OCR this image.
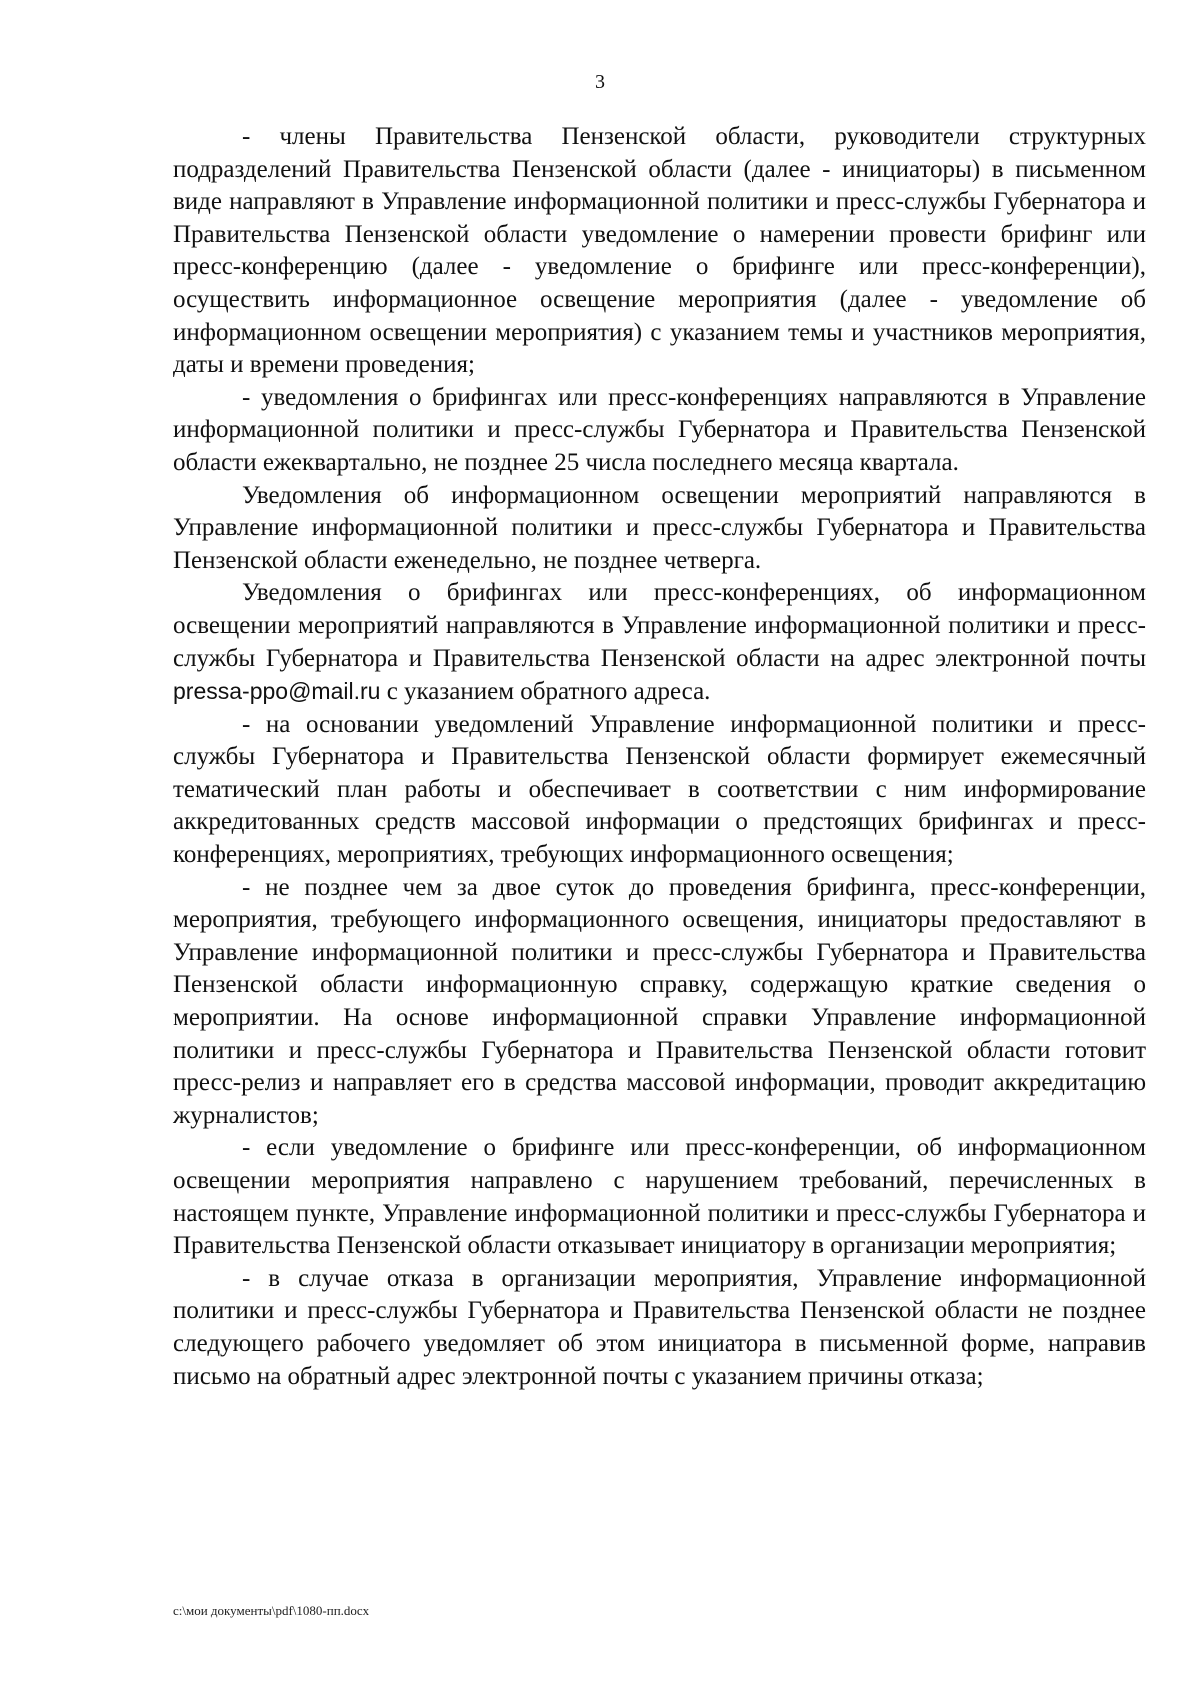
3

- члены Правительства Пензенской области, руководители структурных подразделений Правительства Пензенской области (далее - инициаторы) в письменном виде направляют в Управление информационной политики и пресс-службы Губернатора и Правительства Пензенской области уведомление о намерении провести брифинг или пресс-конференцию (далее - уведомление о брифинге или пресс-конференции), осуществить информационное освещение мероприятия (далее - уведомление об информационном освещении мероприятия) с указанием темы и участников мероприятия, даты и времени проведения;

- уведомления о брифингах или пресс-конференциях направляются в Управление информационной политики и пресс-службы Губернатора и Правительства Пензенской области ежеквартально, не позднее 25 числа последнего месяца квартала.

Уведомления об информационном освещении мероприятий направляются в Управление информационной политики и пресс-службы Губернатора и Правительства Пензенской области еженедельно, не позднее четверга.

Уведомления о брифингах или пресс-конференциях, об информационном освещении мероприятий направляются в Управление информационной политики и пресс-службы Губернатора и Правительства Пензенской области на адрес электронной почты pressa-ppo@mail.ru с указанием обратного адреса.

- на основании уведомлений Управление информационной политики и пресс-службы Губернатора и Правительства Пензенской области формирует ежемесячный тематический план работы и обеспечивает в соответствии с ним информирование аккредитованных средств массовой информации о предстоящих брифингах и пресс-конференциях, мероприятиях, требующих информационного освещения;

- не позднее чем за двое суток до проведения брифинга, пресс-конференции, мероприятия, требующего информационного освещения, инициаторы предоставляют в Управление информационной политики и пресс-службы Губернатора и Правительства Пензенской области информационную справку, содержащую краткие сведения о мероприятии. На основе информационной справки Управление информационной политики и пресс-службы Губернатора и Правительства Пензенской области готовит пресс-релиз и направляет его в средства массовой информации, проводит аккредитацию журналистов;

- если уведомление о брифинге или пресс-конференции, об информационном освещении мероприятия направлено с нарушением требований, перечисленных в настоящем пункте, Управление информационной политики и пресс-службы Губернатора и Правительства Пензенской области отказывает инициатору в организации мероприятия;

- в случае отказа в организации мероприятия, Управление информационной политики и пресс-службы Губернатора и Правительства Пензенской области не позднее следующего рабочего уведомляет об этом инициатора в письменной форме, направив письмо на обратный адрес электронной почты с указанием причины отказа;

c:\мои документы\pdf\1080-пп.docx
